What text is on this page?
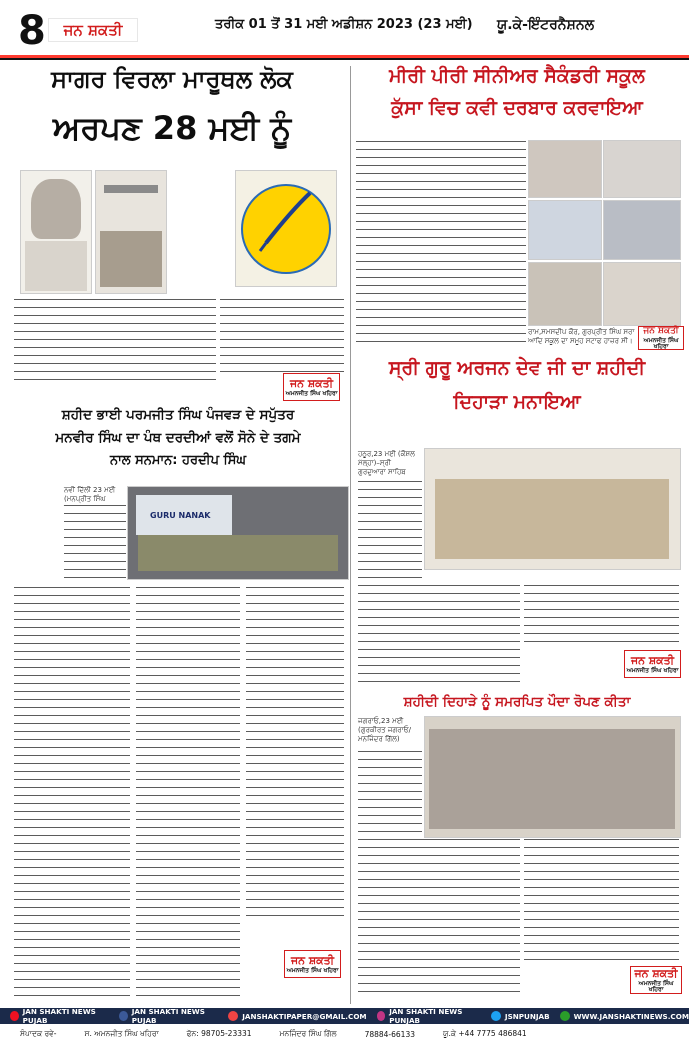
8	ਜਨ ਸ਼ਕਤੀ	ਤਰੀਕ 01 ਤੋਂ 31 ਮਈ ਅਡੀਸ਼ਨ 2023 (23 ਮਈ) ਯੂ.ਕੇ-ਇੰਟਰਨੈਸ਼ਨਲ
ਸਾਗਰ ਵਿਰਲਾ ਮਾਰੂਥਲ ਲੋਕ
ਅਰਪਣ 28 ਮਈ ਨੂੰ
ਜਨ ਸ਼ਕਤੀ
ਅਮਨਜੀਤ ਸਿੰਘ ਖਹਿਰਾ
ਸ਼ਹੀਦ ਭਾਈ ਪਰਮਜੀਤ ਸਿੰਘ ਪੰਜਵੜ ਦੇ ਸਪੁੱਤਰ
ਮਨਵੀਰ ਸਿੰਘ ਦਾ ਪੰਥ ਦਰਦੀਆਂ ਵਲੋਂ ਸੋਨੇ ਦੇ ਤਗਮੇ
ਨਾਲ ਸਨਮਾਨ: ਹਰਦੀਪ ਸਿੰਘ
ਨਵੀਂ ਦਿੱਲੀ 23 ਮਈ (ਮਨਪ੍ਰੀਤ ਸਿੰਘ
GURU NANAK
ਜਨ ਸ਼ਕਤੀ
ਅਮਨਜੀਤ ਸਿੰਘ ਖਹਿਰਾ
ਮੀਰੀ ਪੀਰੀ ਸੀਨੀਅਰ ਸੈਕੰਡਰੀ ਸਕੂਲ
ਕੁੱਸਾ ਵਿਚ ਕਵੀ ਦਰਬਾਰ ਕਰਵਾਇਆ
ਰਾਮ,ਸਮਸਦੀਪ ਕੌਰ, ਗੁਰਪ੍ਰੀਤ ਸਿੰਘ ਸਰਾ ਆਦਿ ਸਕੂਲ ਦਾ ਸਮੂਹ ਸਟਾਫ ਹਾਜ਼ਰ ਸੀ।
ਜਨ ਸ਼ਕਤੀ
ਅਮਨਜੀਤ ਸਿੰਘ ਖਹਿਰਾ
ਸ੍ਰੀ ਗੁਰੂ ਅਰਜਨ ਦੇਵ ਜੀ ਦਾ ਸ਼ਹੀਦੀ
ਦਿਹਾੜਾ ਮਨਾਇਆ
ਹਠੂਰ,23 ਮਈ (ਕੌਸ਼ਲ ਮੱਲ੍ਹਾ)–ਸ੍ਰੀ ਗੁਰਦੁਆਰਾ ਸਾਹਿਬ
ਜਨ ਸ਼ਕਤੀ
ਅਮਨਜੀਤ ਸਿੰਘ ਖਹਿਰਾ
ਸ਼ਹੀਦੀ ਦਿਹਾੜੇ ਨੂੰ ਸਮਰਪਿਤ ਪੌਦਾ ਰੋਪਣ ਕੀਤਾ
ਜਗਰਾਓ,23 ਮਈ (ਗੁਰਕੀਰਤ ਜਗਰਾਓ/ ਮਨਜਿੰਦਰ ਗਿੱਲ)
ਜਨ ਸ਼ਕਤੀ
ਅਮਨਜੀਤ ਸਿੰਘ ਖਹਿਰਾ
JAN SHAKTI NEWS PUJAB
JAN SHAKTI NEWS PUJAB	JANSHAKTIPAPER@GMAIL.COM	JAN SHAKTI NEWS PUNJAB	JSNPUNJAB	WWW.JANSHAKTINEWS.COM
ਸੰਪਾਦਕ ਰਵੇ-	ਸ. ਅਮਨਜੀਤ ਸਿੰਘ ਖਹਿਰਾ	ਫੋਨ: 98705-23331	ਮਨਜਿੰਦਰ ਸਿੰਘ ਗਿੱਲ	78884-66133	ਯੂ.ਕੇ +44 7775 486841
